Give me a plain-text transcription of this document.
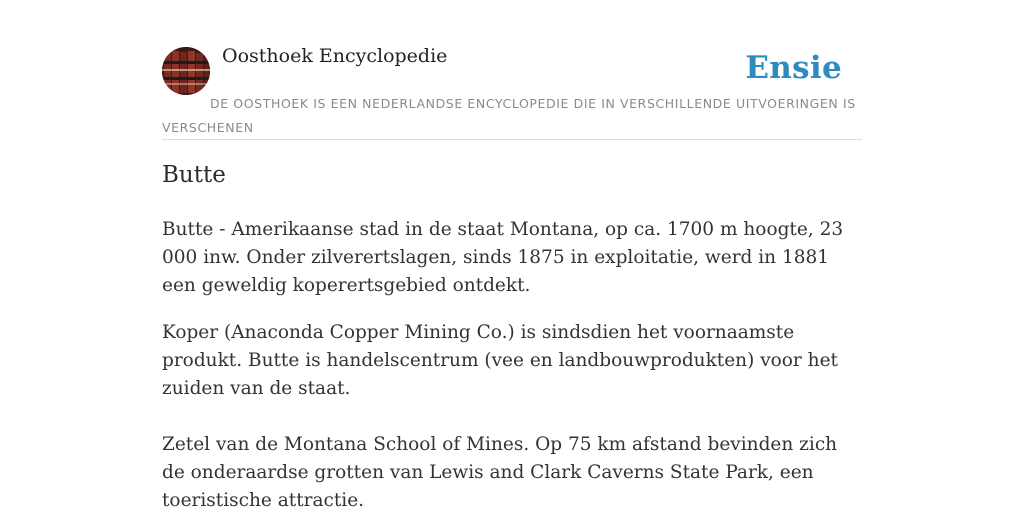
Oosthoek Encyclopedie	Ensie
DE OOSTHOEK IS EEN NEDERLANDSE ENCYCLOPEDIE DIE IN VERSCHILLENDE UITVOERINGEN IS VERSCHENEN
Butte

Butte - Amerikaanse stad in de staat Montana, op ca. 1700 m hoogte, 23 000 inw. Onder zilverertslagen, sinds 1875 in exploitatie, werd in 1881 een geweldig koperertsgebied ontdekt.

Koper (Anaconda Copper Mining Co.) is sindsdien het voornaamste produkt. Butte is handelscentrum (vee en landbouwprodukten) voor het zuiden van de staat.

Zetel van de Montana School of Mines. Op 75 km afstand bevinden zich de onderaardse grotten van Lewis and Clark Caverns State Park, een toeristische attractie.
